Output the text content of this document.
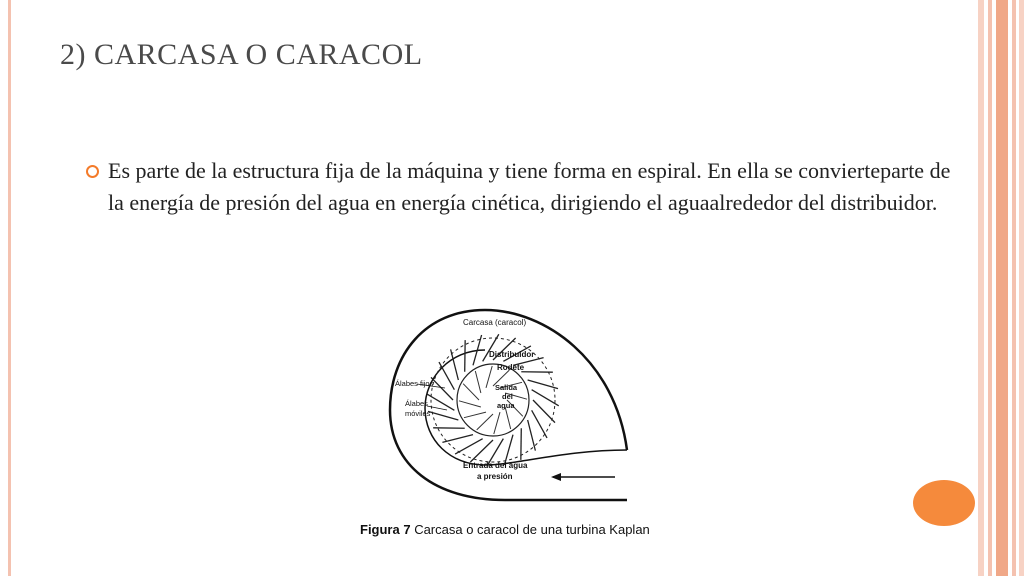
2) CARCASA O CARACOL

Es parte de la estructura fija de la máquina y tiene forma en espiral. En ella se convierteparte de la energía de presión del agua en energía cinética, dirigiendo el aguaalrededor del distribuidor.

Carcasa (caracol)
Distribuidor
Rodete
Salida
del
agua
Álabes fijos
Álabes
móviles
Entrada del agua
a presión
Figura 7 Carcasa o caracol de una turbina Kaplan
